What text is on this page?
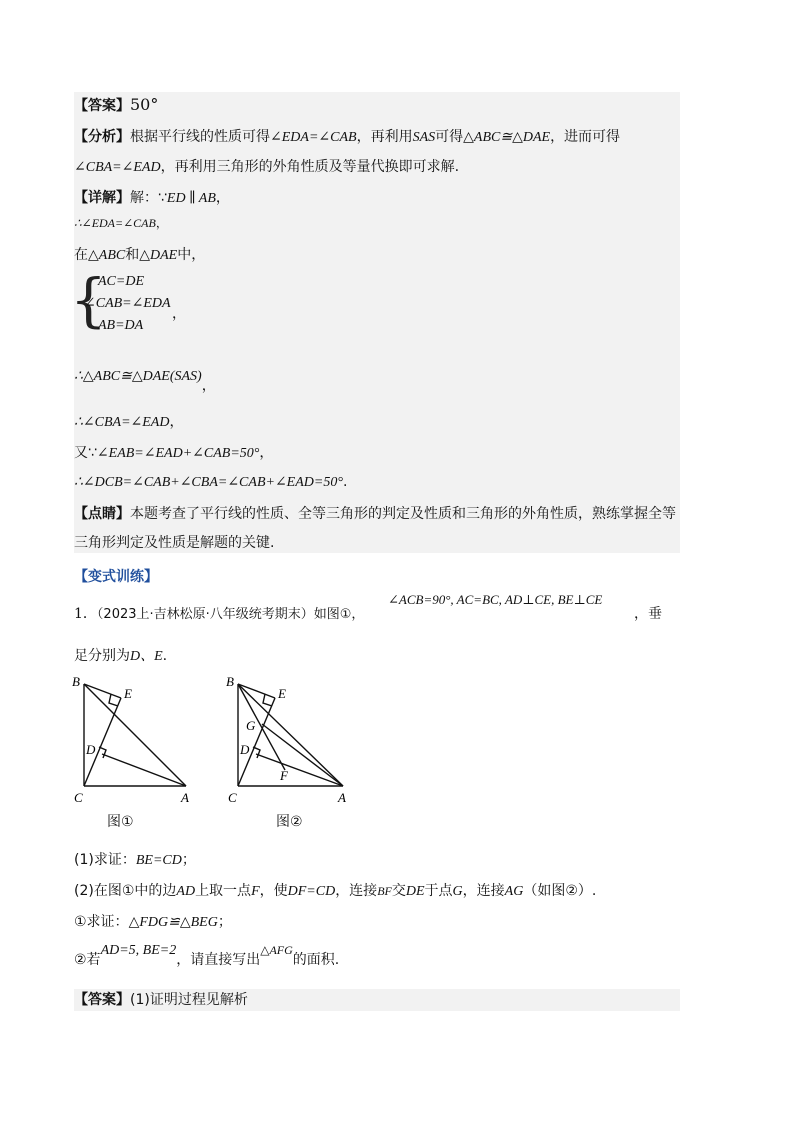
【答案】50°
【分析】根据平行线的性质可得∠EDA=∠CAB，再利用SAS可得△ABC≅△DAE，进而可得
∠CBA=∠EAD，再利用三角形的外角性质及等量代换即可求解.
【详解】解：∵ED ∥ AB，
∴∠EDA=∠CAB，
在△ABC和△DAE中，
{
AC=DE
∠CAB=∠EDA
AB=DA
，
∴△ABC≅△DAE(SAS)，
∴∠CBA=∠EAD，
又∵∠EAB=∠EAD+∠CAB=50°，
∴∠DCB=∠CAB+∠CBA=∠CAB+∠EAD=50°.
【点睛】本题考查了平行线的性质、全等三角形的判定及性质和三角形的外角性质，熟练掌握全等
三角形判定及性质是解题的关键.
【变式训练】
1．（2023上·吉林松原·八年级统考期末）如图①，
∠ACB=90°, AC=BC, AD⊥CE, BE⊥CE
，垂
足分别为D、E.
B
E
D
C	A
图①
B
E
G
D
F
C	A
图②
(1)求证：BE=CD；
(2)在图①中的边AD上取一点F，使DF=CD，连接BF交DE于点G，连接AG（如图②）.
①求证：△FDG≌△BEG；
②若AD=5, BE=2，请直接写出△AFG的面积.
【答案】(1)证明过程见解析
